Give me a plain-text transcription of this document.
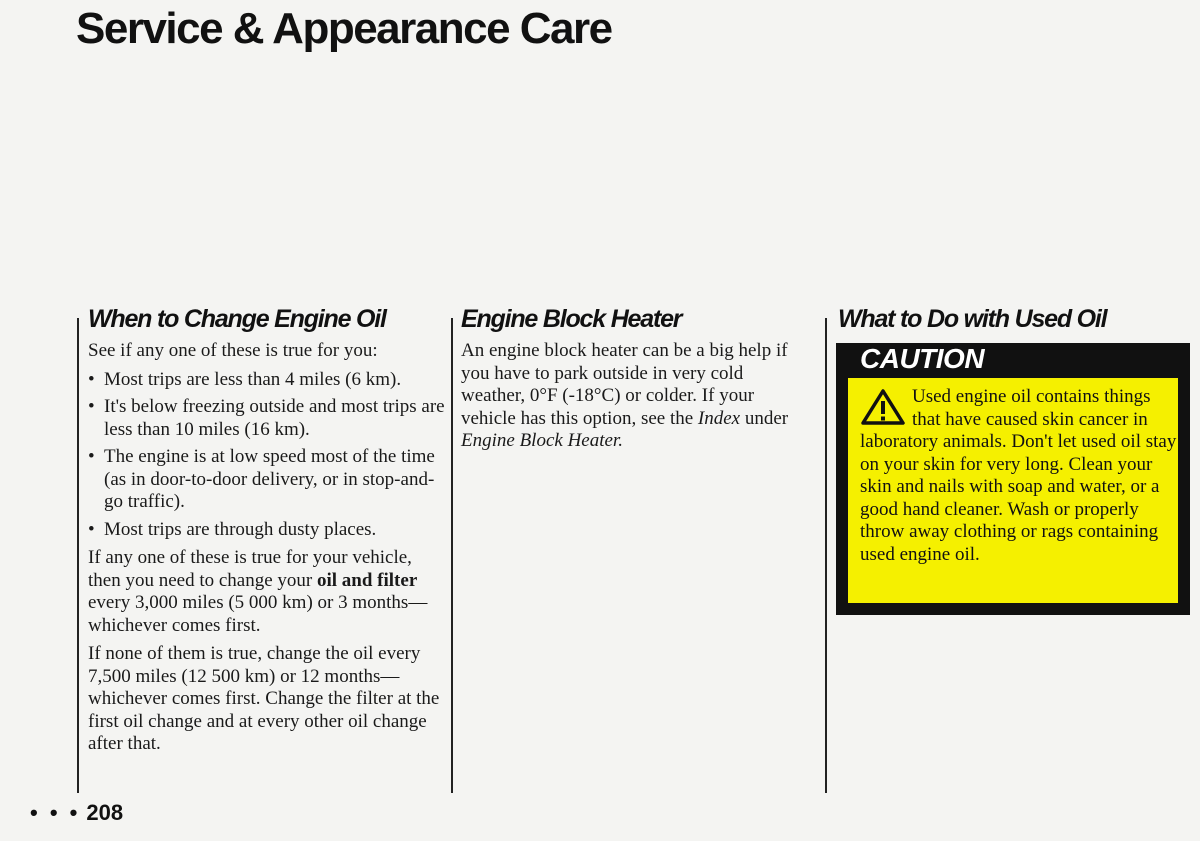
Service & Appearance Care
When to Change Engine Oil

See if any one of these is true for you:

• Most trips are less than 4 miles (6 km).
• It's below freezing outside and most trips are less than 10 miles (16 km).
• The engine is at low speed most of the time (as in door-to-door delivery, or in stop-and-go traffic).
• Most trips are through dusty places.

If any one of these is true for your vehicle, then you need to change your oil and filter every 3,000 miles (5 000 km) or 3 months—whichever comes first.

If none of them is true, change the oil every 7,500 miles (12 500 km) or 12 months—whichever comes first. Change the filter at the first oil change and at every other oil change after that.

Engine Block Heater

An engine block heater can be a big help if you have to park outside in very cold weather, 0°F (-18°C) or colder. If your vehicle has this option, see the Index under Engine Block Heater.

What to Do with Used Oil
CAUTION
Used engine oil contains things that have caused skin cancer in laboratory animals. Don't let used oil stay on your skin for very long. Clean your skin and nails with soap and water, or a good hand cleaner. Wash or properly throw away clothing or rags containing used engine oil.
• • • 208
